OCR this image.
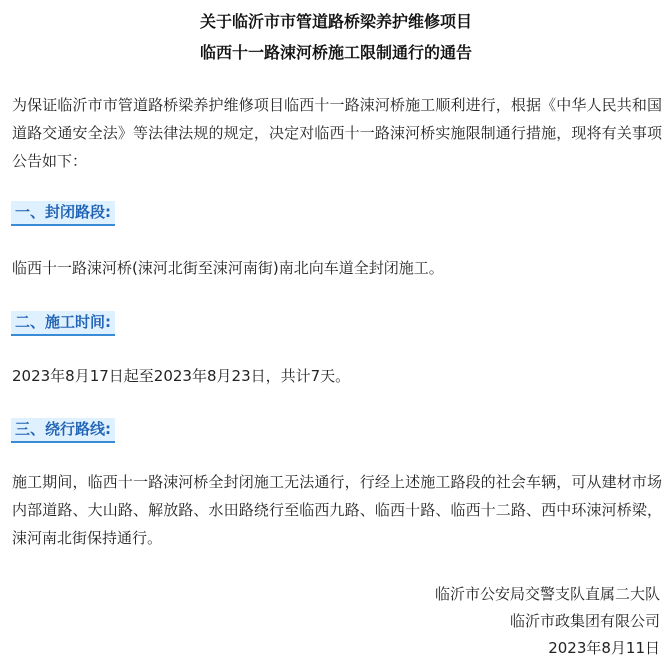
关于临沂市市管道路桥梁养护维修项目
临西十一路涑河桥施工限制通行的通告
为保证临沂市市管道路桥梁养护维修项目临西十一路涑河桥施工顺利进行，根据《中华人民共和国道路交通安全法》等法律法规的规定，决定对临西十一路涑河桥实施限制通行措施，现将有关事项公告如下：
一、封闭路段:
临西十一路涑河桥(涑河北街至涑河南街)南北向车道全封闭施工。
二、施工时间:
2023年8月17日起至2023年8月23日，共计7天。
三、绕行路线:
施工期间，临西十一路涑河桥全封闭施工无法通行，行经上述施工路段的社会车辆，可从建材市场内部道路、大山路、解放路、水田路绕行至临西九路、临西十路、临西十二路、西中环涑河桥梁，涑河南北街保持通行。
临沂市公安局交警支队直属二大队
临沂市政集团有限公司
2023年8月11日
